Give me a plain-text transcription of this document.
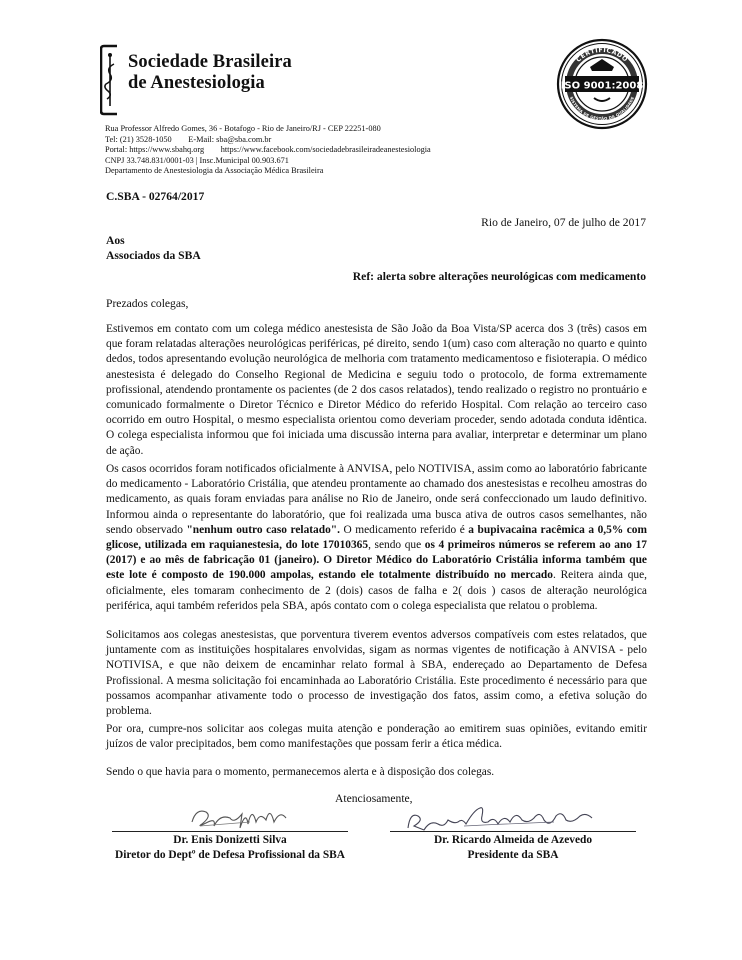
Sociedade Brasileira
de Anestesiologia
CERTIFICADO
SISTEMA DE GESTÃO DA QUALIDADE
ISO 9001:2008
Rua Professor Alfredo Gomes, 36 - Botafogo - Rio de Janeiro/RJ - CEP 22251-080
Tel: (21) 3528-1050        E-Mail: sba@sba.com.br
Portal: https://www.sbahq.org        https://www.facebook.com/sociedadebrasileiradeanestesiologia
CNPJ 33.748.831/0001-03 | Insc.Municipal 00.903.671
Departamento de Anestesiologia da Associação Médica Brasileira
C.SBA - 02764/2017
Rio de Janeiro, 07 de julho de 2017
Aos
Associados da SBA
Ref: alerta sobre alterações neurológicas com medicamento
Prezados colegas,
Estivemos em contato com um colega médico anestesista de São João da Boa Vista/SP acerca dos 3 (três) casos em que foram relatadas alterações neurológicas periféricas, pé direito, sendo 1(um) caso com alteração no quarto e quinto dedos, todos apresentando evolução neurológica de melhoria com tratamento medicamentoso e fisioterapia. O médico anestesista é delegado do Conselho Regional de Medicina e seguiu todo o protocolo, de forma extremamente profissional, atendendo prontamente os pacientes (de 2 dos casos relatados), tendo realizado o registro no prontuário e comunicado formalmente o Diretor Técnico e Diretor Médico do referido Hospital. Com relação ao terceiro caso ocorrido em outro Hospital, o mesmo especialista orientou como deveriam proceder, sendo adotada conduta idêntica. O colega especialista informou que foi iniciada uma discussão interna para avaliar, interpretar e determinar um plano de ação.
Os casos ocorridos foram notificados oficialmente à ANVISA, pelo NOTIVISA, assim como ao laboratório fabricante do medicamento - Laboratório Cristália, que atendeu prontamente ao chamado dos anestesistas e recolheu amostras do medicamento, as quais foram enviadas para análise no Rio de Janeiro, onde será confeccionado um laudo definitivo. Informou ainda o representante do laboratório, que foi realizada uma busca ativa de outros casos semelhantes, não sendo observado "nenhum outro caso relatado". O medicamento referido é a bupivacaina racêmica a 0,5% com glicose, utilizada em raquianestesia, do lote 17010365, sendo que os 4 primeiros números se referem ao ano 17 (2017) e ao mês de fabricação 01 (janeiro). O Diretor Médico do Laboratório Cristália informa também que este lote é composto de 190.000 ampolas, estando ele totalmente distribuído no mercado. Reitera ainda que, oficialmente, eles tomaram conhecimento de 2 (dois) casos de falha e 2( dois ) casos de alteração neurológica periférica, aqui também referidos pela SBA, após contato com o colega especialista que relatou o problema.
Solicitamos aos colegas anestesistas, que porventura tiverem eventos adversos compatíveis com estes relatados, que juntamente com as instituições hospitalares envolvidas, sigam as normas vigentes de notificação à ANVISA - pelo NOTIVISA, e que não deixem de encaminhar relato formal à SBA, endereçado ao Departamento de Defesa Profissional. A mesma solicitação foi encaminhada ao Laboratório Cristália. Este procedimento é necessário para que possamos acompanhar ativamente todo o processo de investigação dos fatos, assim como, a efetiva solução do problema.
Por ora, cumpre-nos solicitar aos colegas muita atenção e ponderação ao emitirem suas opiniões, evitando emitir juízos de valor precipitados, bem como manifestações que possam ferir a ética médica.
Sendo o que havia para o momento, permanecemos alerta e à disposição dos colegas.
Atenciosamente,
Dr. Enis Donizetti Silva
Diretor do Deptº de Defesa Profissional da SBA
Dr. Ricardo Almeida de Azevedo
Presidente da SBA
